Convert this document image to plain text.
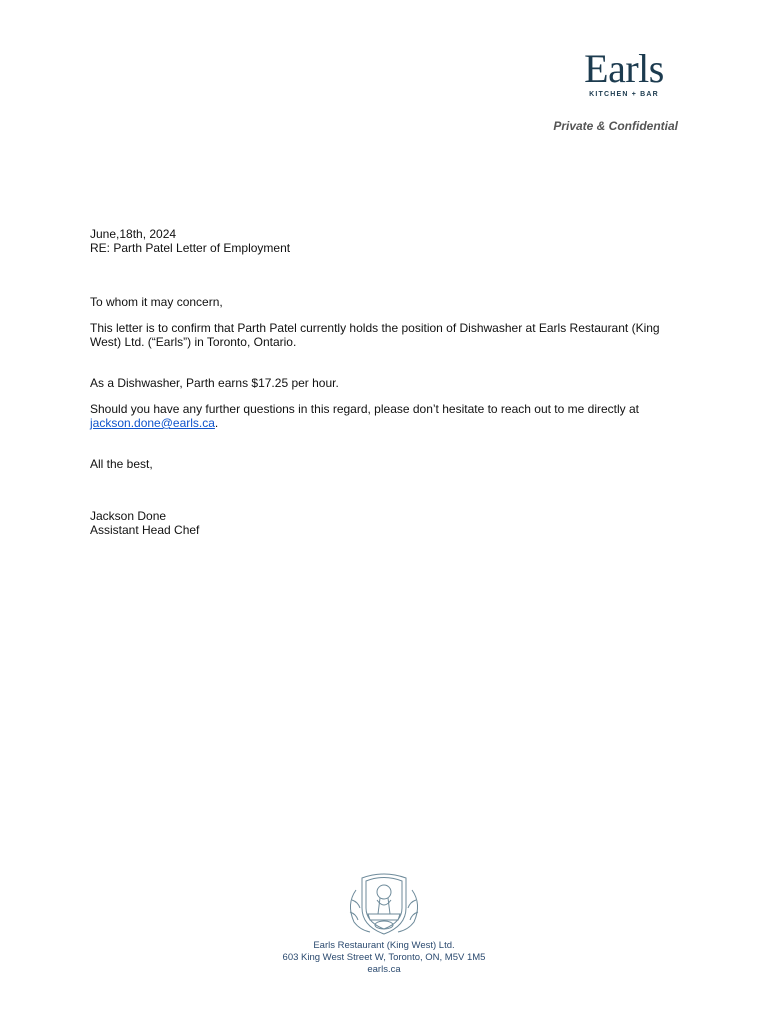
Earls
KITCHEN + BAR
Private & Confidential

June,18th, 2024

RE: Parth Patel Letter of Employment

To whom it may concern,

This letter is to confirm that Parth Patel currently holds the position of Dishwasher at Earls Restaurant (King West) Ltd. (“Earls”) in Toronto, Ontario.

As a Dishwasher, Parth earns $17.25 per hour.

Should you have any further questions in this regard, please don’t hesitate to reach out to me directly at
jackson.done@earls.ca.

All the best,

Jackson Done

Assistant Head Chef

Earls Restaurant (King West) Ltd.
603 King West Street W, Toronto, ON, M5V 1M5
earls.ca
